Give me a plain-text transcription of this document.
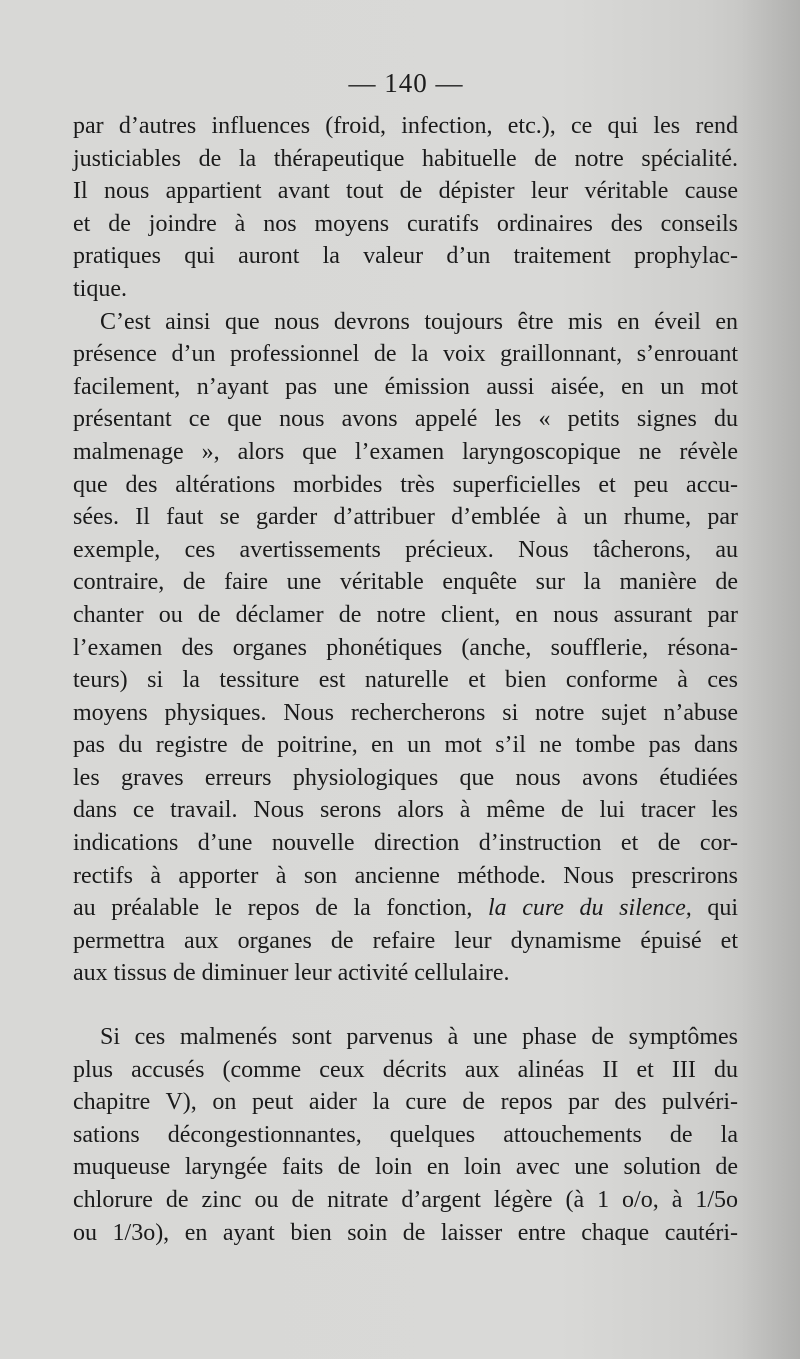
— 140 —
par d’autres influences (froid, infection, etc.), ce qui les rend
justiciables de la thérapeutique habituelle de notre spécialité.
Il nous appartient avant tout de dépister leur véritable cause
et de joindre à nos moyens curatifs ordinaires des conseils
pratiques qui auront la valeur d’un traitement prophylac-
tique.
C’est ainsi que nous devrons toujours être mis en éveil en
présence d’un professionnel de la voix graillonnant, s’enrouant
facilement, n’ayant pas une émission aussi aisée, en un mot
présentant ce que nous avons appelé les « petits signes du
malmenage », alors que l’examen laryngoscopique ne révèle
que des altérations morbides très superficielles et peu accu-
sées. Il faut se garder d’attribuer d’emblée à un rhume, par
exemple, ces avertissements précieux. Nous tâcherons, au
contraire, de faire une véritable enquête sur la manière de
chanter ou de déclamer de notre client, en nous assurant par
l’examen des organes phonétiques (anche, soufflerie, résona-
teurs) si la tessiture est naturelle et bien conforme à ces
moyens physiques. Nous rechercherons si notre sujet n’abuse
pas du registre de poitrine, en un mot s’il ne tombe pas dans
les graves erreurs physiologiques que nous avons étudiées
dans ce travail. Nous serons alors à même de lui tracer les
indications d’une nouvelle direction d’instruction et de cor-
rectifs à apporter à son ancienne méthode. Nous prescrirons
au préalable le repos de la fonction, la cure du silence, qui
permettra aux organes de refaire leur dynamisme épuisé et
aux tissus de diminuer leur activité cellulaire.
Si ces malmenés sont parvenus à une phase de symptômes
plus accusés (comme ceux décrits aux alinéas II et III du
chapitre V), on peut aider la cure de repos par des pulvéri-
sations décongestionnantes, quelques attouchements de la
muqueuse laryngée faits de loin en loin avec une solution de
chlorure de zinc ou de nitrate d’argent légère (à 1 o/o, à 1/5o
ou 1/3o), en ayant bien soin de laisser entre chaque cautéri-
